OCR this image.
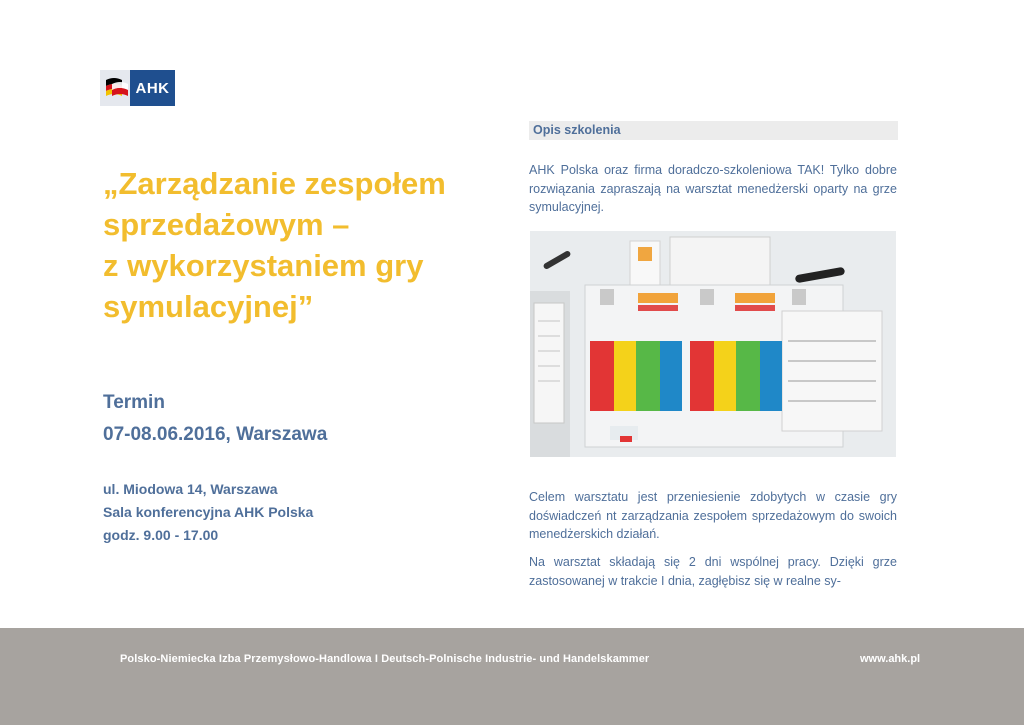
AHK
„Zarządzanie zespołem
sprzedażowym –
z wykorzystaniem gry
symulacyjnej”
Termin
07-08.06.2016, Warszawa
ul. Miodowa 14, Warszawa
Sala konferencyjna AHK Polska
godz. 9.00 - 17.00
Opis szkolenia
AHK Polska oraz firma doradczo-szkoleniowa TAK! Tylko dobre rozwiązania zapraszają na warsztat menedżerski oparty na grze symulacyjnej.
Celem warsztatu jest przeniesienie zdobytych w czasie gry doświadczeń nt zarządzania zespołem sprzedażowym do swoich menedżerskich działań.
Na warsztat składają się 2 dni wspólnej pracy. Dzięki grze zastosowanej w trakcie I dnia, zagłębisz się w realne sy-
Polsko-Niemiecka Izba Przemysłowo-Handlowa I Deutsch-Polnische Industrie- und Handelskammer	www.ahk.pl
